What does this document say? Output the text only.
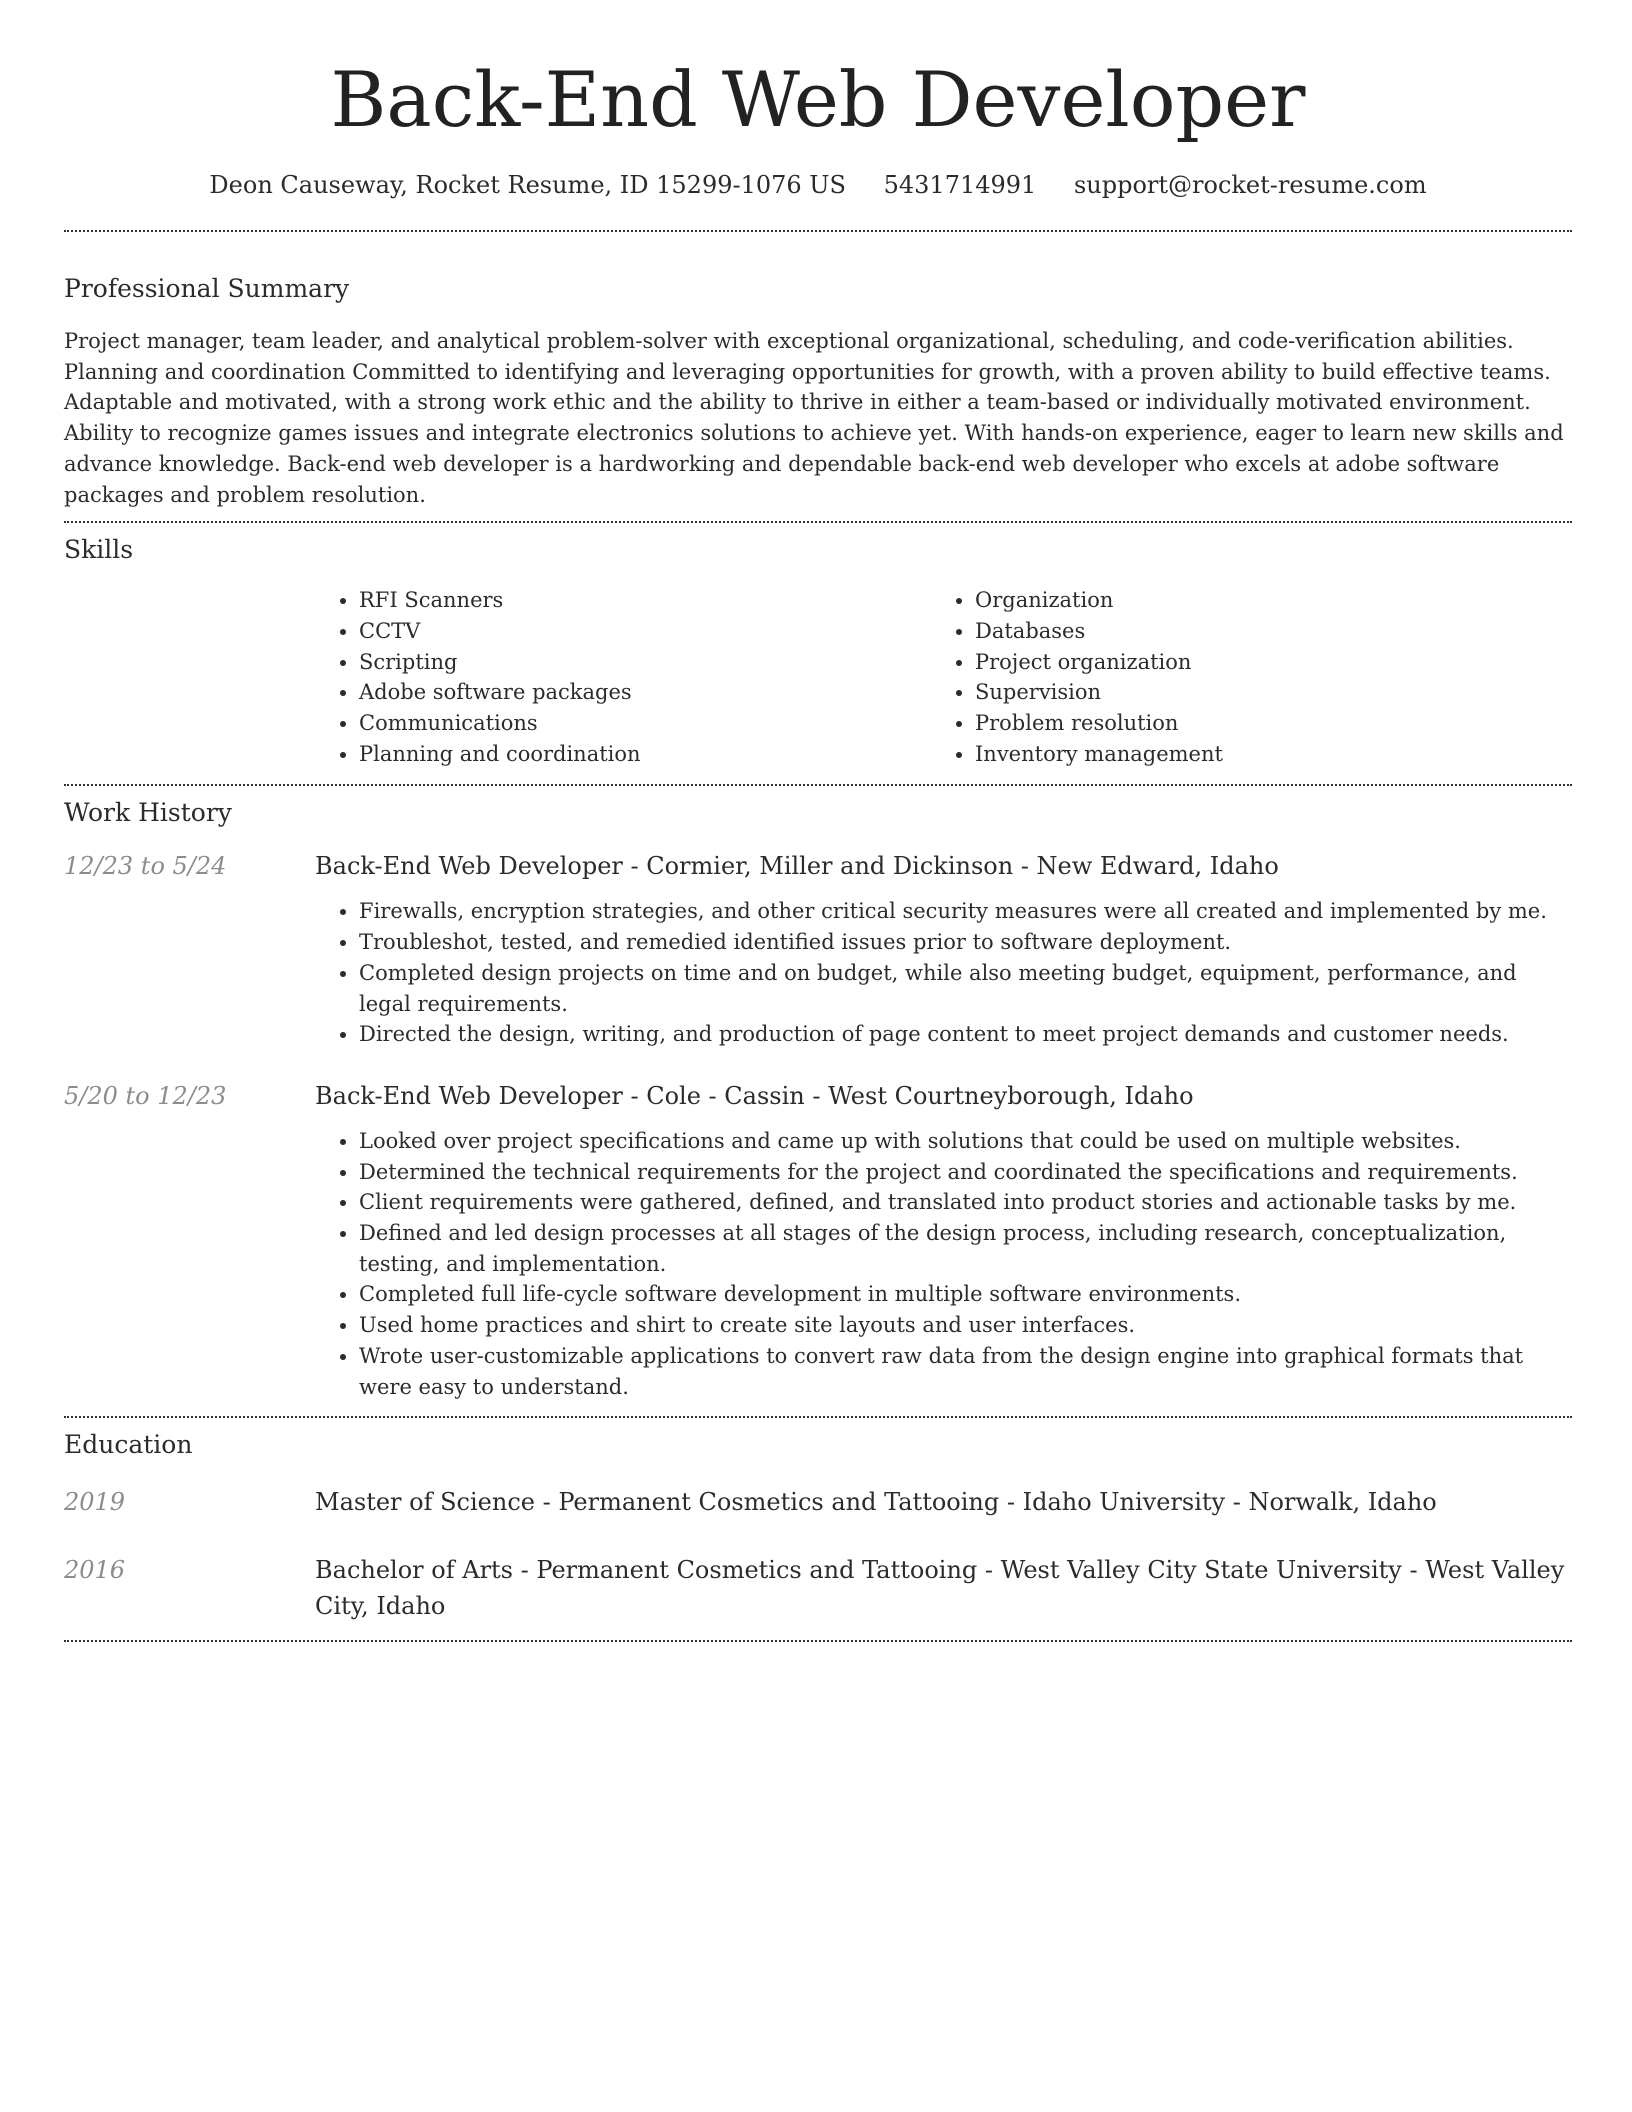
Back-End Web Developer
Deon Causeway, Rocket Resume, ID 15299-1076 US 5431714991 support@rocket-resume.com
Professional Summary

Project manager, team leader, and analytical problem-solver with exceptional organizational, scheduling, and code-verification abilities. Planning and coordination Committed to identifying and leveraging opportunities for growth, with a proven ability to build effective teams. Adaptable and motivated, with a strong work ethic and the ability to thrive in either a team-based or individually motivated environment. Ability to recognize games issues and integrate electronics solutions to achieve yet. With hands-on experience, eager to learn new skills and advance knowledge. Back-end web developer is a hardworking and dependable back-end web developer who excels at adobe software packages and problem resolution.

Skills
• RFI Scanners
• CCTV
• Scripting
• Adobe software packages
• Communications
• Planning and coordination
• Organization
• Databases
• Project organization
• Supervision
• Problem resolution
• Inventory management
Work History
12/23 to 5/24	Back-End Web Developer - Cormier, Miller and Dickinson - New Edward, Idaho
• Firewalls, encryption strategies, and other critical security measures were all created and implemented by me.
• Troubleshot, tested, and remedied identified issues prior to software deployment.
• Completed design projects on time and on budget, while also meeting budget, equipment, performance, and legal requirements.
• Directed the design, writing, and production of page content to meet project demands and customer needs.
5/20 to 12/23	Back-End Web Developer - Cole - Cassin - West Courtneyborough, Idaho
• Looked over project specifications and came up with solutions that could be used on multiple websites.
• Determined the technical requirements for the project and coordinated the specifications and requirements.
• Client requirements were gathered, defined, and translated into product stories and actionable tasks by me.
• Defined and led design processes at all stages of the design process, including research, conceptualization, testing, and implementation.
• Completed full life-cycle software development in multiple software environments.
• Used home practices and shirt to create site layouts and user interfaces.
• Wrote user-customizable applications to convert raw data from the design engine into graphical formats that were easy to understand.
Education
2019	Master of Science - Permanent Cosmetics and Tattooing - Idaho University - Norwalk, Idaho
2016	Bachelor of Arts - Permanent Cosmetics and Tattooing - West Valley City State University - West Valley City, Idaho
